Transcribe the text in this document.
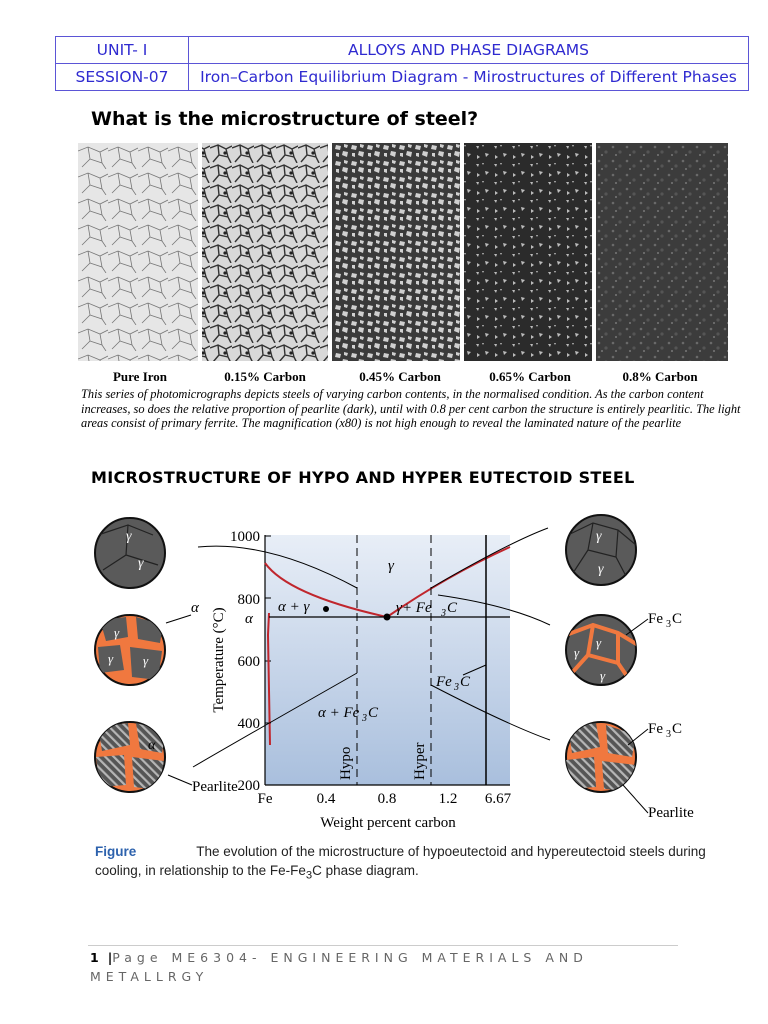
UNIT- I	ALLOYS AND PHASE DIAGRAMS
SESSION-07	Iron–Carbon Equilibrium Diagram - Mirostructures of Different Phases
What is the microstructure of steel?
Pure Iron	0.15% Carbon	0.45% Carbon	0.65% Carbon	0.8% Carbon
This series of photomicrographs depicts steels of varying carbon contents, in the normalised condition. As the carbon content increases, so does the relative proportion of pearlite (dark), until with 0.8 per cent carbon the structure is entirely pearlitic. The light areas consist of primary ferrite. The magnification (x80) is not high enough to reveal the laminated nature of the pearlite
MICROSTRUCTURE OF HYPO AND HYPER EUTECTOID STEEL
1000
800
600
400
200
Temperature (°C)
Fe	0.4	0.8	1.2 6.67
Weight percent carbon
γ
α + γ
α
γ+ Fe 3 C
α + Fe 3 C
Fe 3 C
Hypo	Hyper
γ
γ
γ
γ
γ
α
α
Pearlite
γ
γ
γ
γ
γ
Fe 3 C
Fe 3 C
Pearlite
Figure	The evolution of the microstructure of hypoeutectoid and hypereutectoid steels during cooling, in relationship to the $Fe-Fe_3C$ phase diagram.
1 |Page ME6304- ENGINEERING MATERIALS AND METALLRGY
